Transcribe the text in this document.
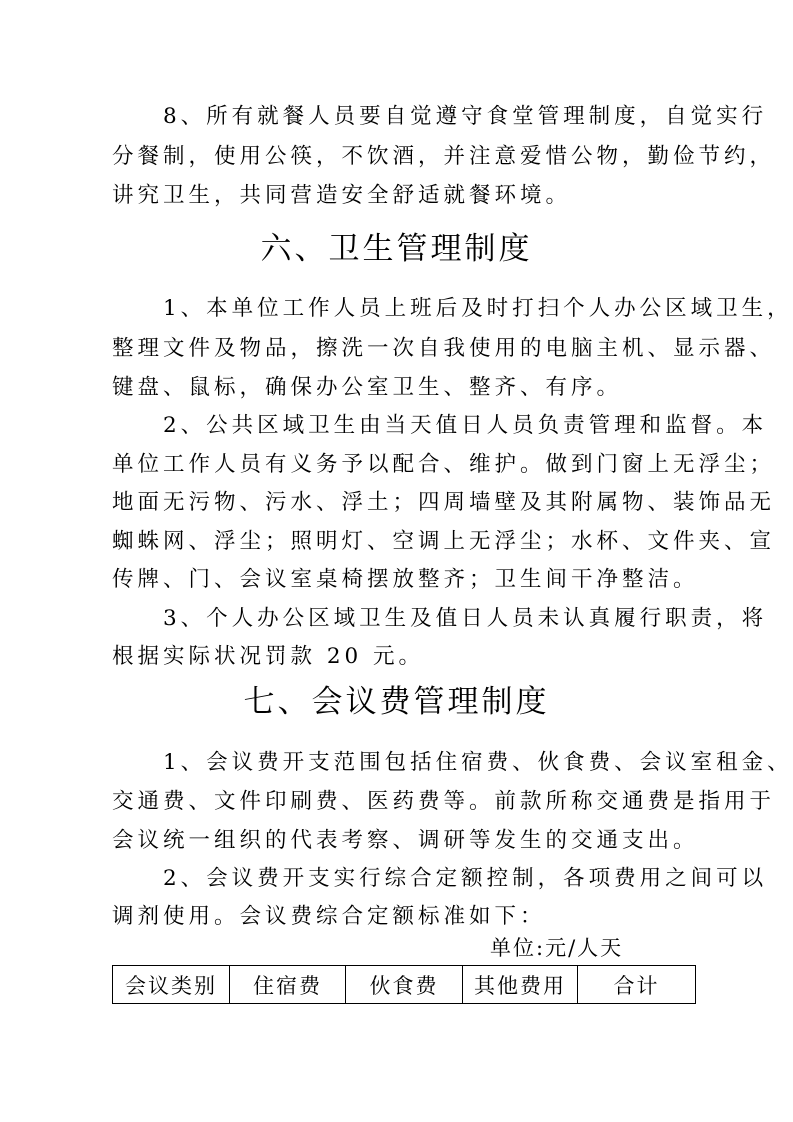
　　8、所有就餐人员要自觉遵守食堂管理制度，自觉实行
分餐制，使用公筷，不饮酒，并注意爱惜公物，勤俭节约，
讲究卫生，共同营造安全舒适就餐环境。
六、卫生管理制度
　　1、本单位工作人员上班后及时打扫个人办公区域卫生，
整理文件及物品，擦洗一次自我使用的电脑主机、显示器、
键盘、鼠标，确保办公室卫生、整齐、有序。
　　2、公共区域卫生由当天值日人员负责管理和监督。本
单位工作人员有义务予以配合、维护。做到门窗上无浮尘；
地面无污物、污水、浮土；四周墙壁及其附属物、装饰品无
蜘蛛网、浮尘；照明灯、空调上无浮尘；水杯、文件夹、宣
传牌、门、会议室桌椅摆放整齐；卫生间干净整洁。
　　3、个人办公区域卫生及值日人员未认真履行职责，将
根据实际状况罚款 20 元。
七、会议费管理制度
　　1、会议费开支范围包括住宿费、伙食费、会议室租金、
交通费、文件印刷费、医药费等。前款所称交通费是指用于
会议统一组织的代表考察、调研等发生的交通支出。
　　2、会议费开支实行综合定额控制，各项费用之间可以
调剂使用。会议费综合定额标准如下：
单位:元/人天
会议类别	住宿费	伙食费	其他费用	合计
